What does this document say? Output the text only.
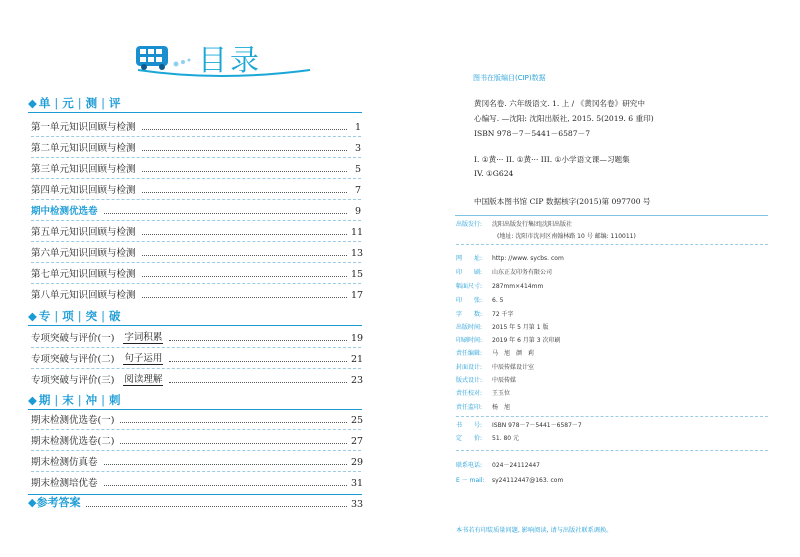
目录
◆ 单 | 元 | 测 | 评
第一单元知识回顾与检测	1
第二单元知识回顾与检测	3
第三单元知识回顾与检测	5
第四单元知识回顾与检测	7
期中检测优选卷	9
第五单元知识回顾与检测	11
第六单元知识回顾与检测	13
第七单元知识回顾与检测	15
第八单元知识回顾与检测	17
◆ 专 | 项 | 突 | 破
专项突破与评价(一) 字词积累	19
专项突破与评价(二) 句子运用	21
专项突破与评价(三) 阅读理解	23
◆ 期 | 末 | 冲 | 刺
期末检测优选卷(一)	25
期末检测优选卷(二)	27
期末检测仿真卷	29
期末检测培优卷	31
◆参考答案	33
图书在版编目(CIP)数据
黄冈名卷. 六年级语文. 1. 上 / 《黄冈名卷》研究中
心编写. —沈阳: 沈阳出版社, 2015. 5(2019. 6 重印)
ISBN 978－7－5441－6587－7
I. ①黄··· II. ①黄··· III. ①小学语文课—习题集
IV. ①G624
中国版本图书馆 CIP 数据核字(2015)第 097700 号
出版发行: 沈阳出版发行集团|沈阳出版社
(地址: 沈阳市沈河区南翰林路 10 号 邮编: 110011)
网　　址: http: //www. sycbs. com
印　　刷: 山东正友印务有限公司
幅面尺寸: 287mm×414mm
印　　张: 6. 5
字　　数: 72 千字
出版时间: 2015 年 5 月第 1 版
印刷时间: 2019 年 6 月第 3 次印刷
责任编辑: 马　旭　颜　莉
封面设计: 中辰传媒设计室
版式设计: 中辰传媒
责任校对: 王玉位
责任监印: 杨　旭
书　　号: ISBN 978－7－5441－6587－7
定　　价: 51. 80 元
联系电话: 024－24112447
E － mail: sy24112447@163. com
本书若有印装质量问题, 影响阅读, 请与出版社联系调换。
